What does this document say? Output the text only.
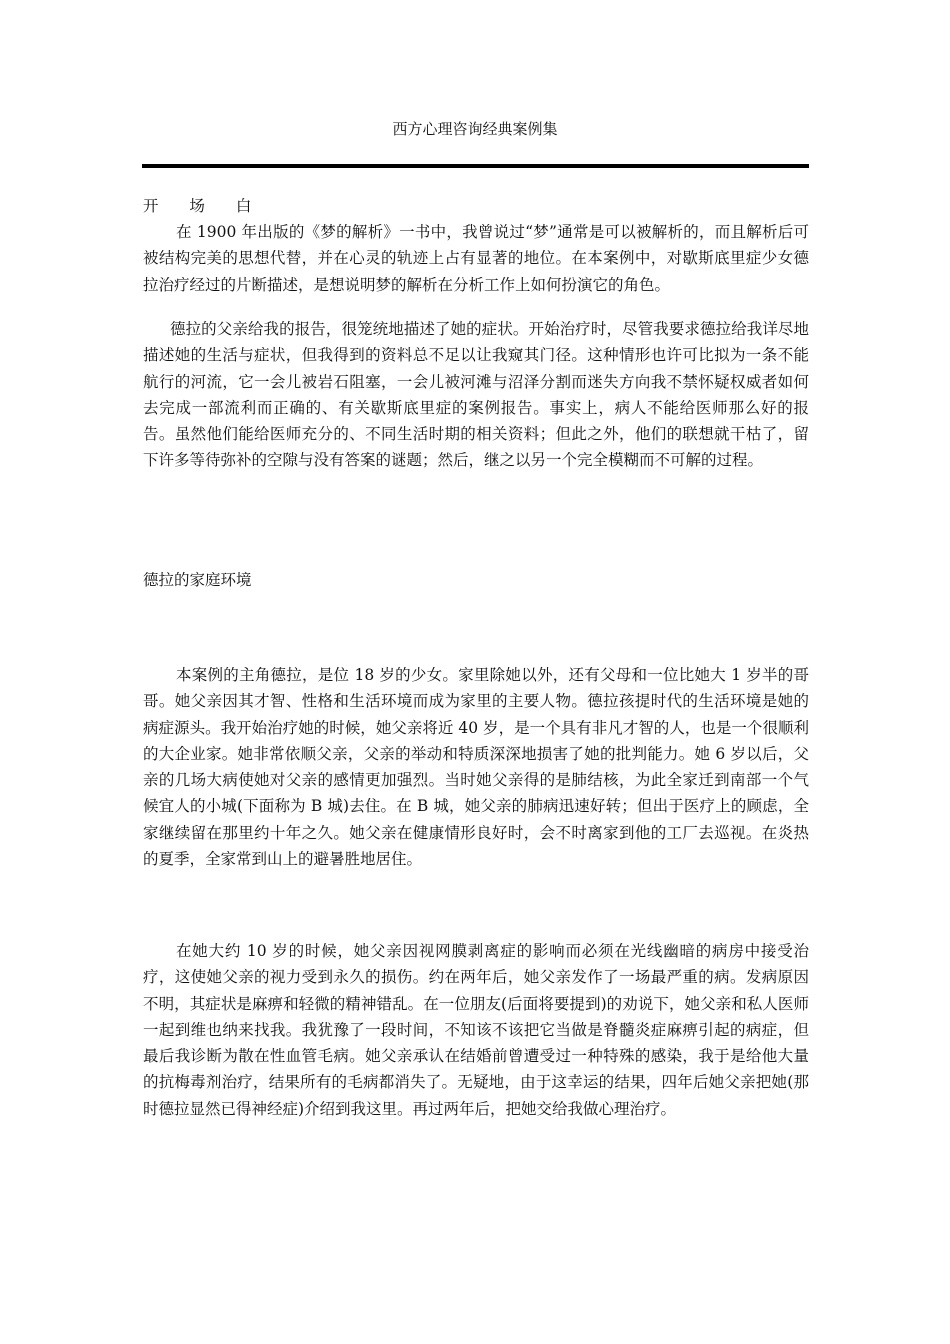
西方心理咨询经典案例集
开 场 白

在 1900 年出版的《梦的解析》一书中，我曾说过“梦”通常是可以被解析的，而且解析后可被结构完美的思想代替，并在心灵的轨迹上占有显著的地位。在本案例中，对歇斯底里症少女德拉治疗经过的片断描述，是想说明梦的解析在分析工作上如何扮演它的角色。

德拉的父亲给我的报告，很笼统地描述了她的症状。开始治疗时，尽管我要求德拉给我详尽地描述她的生活与症状，但我得到的资料总不足以让我窥其门径。这种情形也许可比拟为一条不能航行的河流，它一会儿被岩石阻塞，一会儿被河滩与沼泽分割而迷失方向我不禁怀疑权威者如何去完成一部流利而正确的、有关歇斯底里症的案例报告。事实上，病人不能给医师那么好的报告。虽然他们能给医师充分的、不同生活时期的相关资料；但此之外，他们的联想就干枯了，留下许多等待弥补的空隙与没有答案的谜题；然后，继之以另一个完全模糊而不可解的过程。

德拉的家庭环境

本案例的主角德拉，是位 18 岁的少女。家里除她以外，还有父母和一位比她大 1 岁半的哥哥。她父亲因其才智、性格和生活环境而成为家里的主要人物。德拉孩提时代的生活环境是她的病症源头。我开始治疗她的时候，她父亲将近 40 岁，是一个具有非凡才智的人，也是一个很顺利的大企业家。她非常依顺父亲，父亲的举动和特质深深地损害了她的批判能力。她 6 岁以后，父亲的几场大病使她对父亲的感情更加强烈。当时她父亲得的是肺结核，为此全家迁到南部一个气候宜人的小城(下面称为 B 城)去住。在 B 城，她父亲的肺病迅速好转；但出于医疗上的顾虑，全家继续留在那里约十年之久。她父亲在健康情形良好时，会不时离家到他的工厂去巡视。在炎热的夏季，全家常到山上的避暑胜地居住。

在她大约 10 岁的时候，她父亲因视网膜剥离症的影响而必须在光线幽暗的病房中接受治疗，这使她父亲的视力受到永久的损伤。约在两年后，她父亲发作了一场最严重的病。发病原因不明，其症状是麻痹和轻微的精神错乱。在一位朋友(后面将要提到)的劝说下，她父亲和私人医师一起到维也纳来找我。我犹豫了一段时间，不知该不该把它当做是脊髓炎症麻痹引起的病症，但最后我诊断为散在性血管毛病。她父亲承认在结婚前曾遭受过一种特殊的感染，我于是给他大量的抗梅毒剂治疗，结果所有的毛病都消失了。无疑地，由于这幸运的结果，四年后她父亲把她(那时德拉显然已得神经症)介绍到我这里。再过两年后，把她交给我做心理治疗。
